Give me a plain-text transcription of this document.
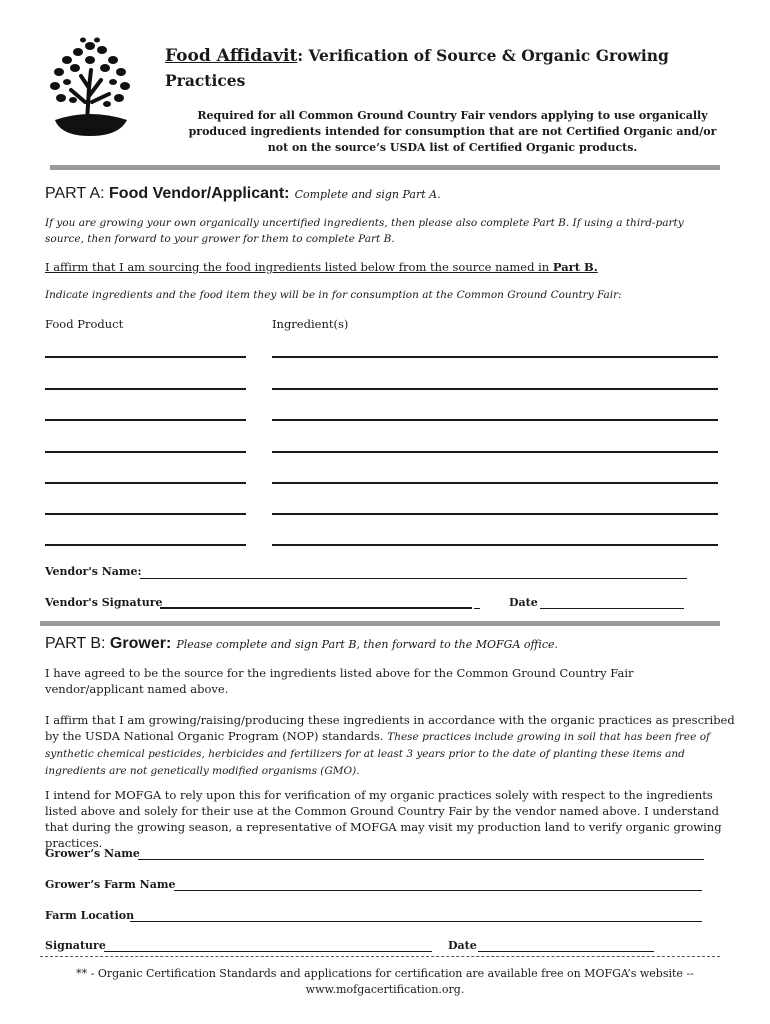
Food Affidavit: Verification of Source & Organic Growing
Practices
Required for all Common Ground Country Fair vendors applying to use organically produced ingredients intended for consumption that are not Certified Organic and/or not on the source’s USDA list of Certified Organic products.
PART A: Food Vendor/Applicant: Complete and sign Part A.
If you are growing your own organically uncertified ingredients, then please also complete Part B. If using a third-party source, then forward to your grower for them to complete Part B.
I affirm that I am sourcing the food ingredients listed below from the source named in Part B.
Indicate ingredients and the food item they will be in for consumption at the Common Ground Country Fair:
Food Product	Ingredient(s)
Vendor's Name:
Vendor's Signature	Date
PART B: Grower: Please complete and sign Part B, then forward to the MOFGA office.
I have agreed to be the source for the ingredients listed above for the Common Ground Country Fair vendor/applicant named above.
I affirm that I am growing/raising/producing these ingredients in accordance with the organic practices as prescribed by the USDA National Organic Program (NOP) standards. These practices include growing in soil that has been free of synthetic chemical pesticides, herbicides and fertilizers for at least 3 years prior to the date of planting these items and ingredients are not genetically modified organisms (GMO).
I intend for MOFGA to rely upon this for verification of my organic practices solely with respect to the ingredients listed above and solely for their use at the Common Ground Country Fair by the vendor named above. I understand that during the growing season, a representative of MOFGA may visit my production land to verify organic growing practices.
Grower’s Name
Grower’s Farm Name
Farm Location
Signature	Date
** - Organic Certification Standards and applications for certification are available free on MOFGA’s website -- www.mofgacertification.org.
